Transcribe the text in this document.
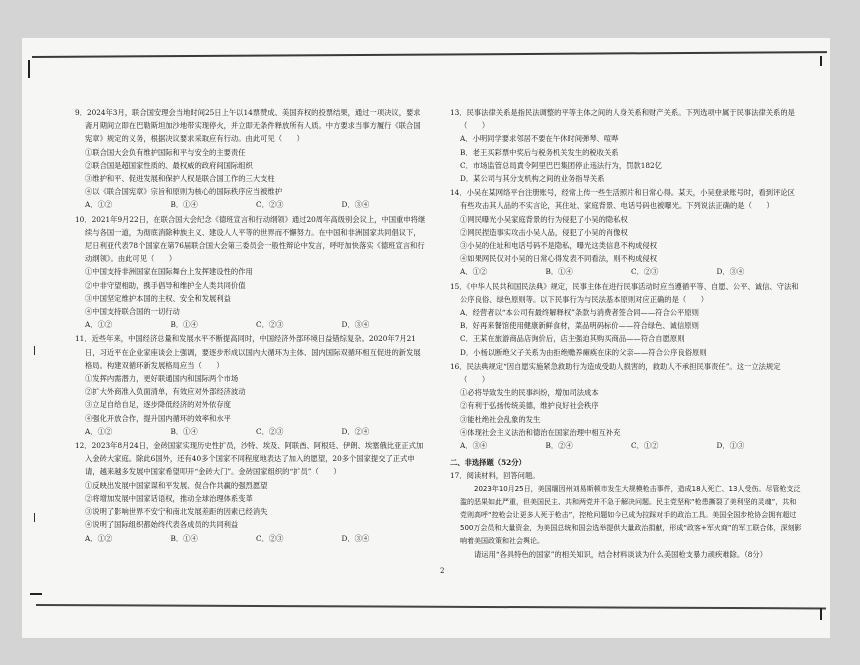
9．2024年3月，联合国安理会当地时间25日上午以14票赞成、美国弃权的投票结果，通过一项决议，要求斋月期间立即在巴勒斯坦加沙地带实现停火，并立即无条件释放所有人质。中方要求当事方履行《联合国宪章》规定的义务，根据决议要求采取应有行动。由此可见（　　）
①联合国大会负有维护国际和平与安全的主要责任
②联合国是超国家性质的、最权威的政府间国际组织
③维护和平、促进发展和保护人权是联合国工作的三大支柱
④以《联合国宪章》宗旨和原则为核心的国际秩序应当被维护
A．①②	B．①④	C．②③	D．③④
10．2021年9月22日，在联合国大会纪念《德班宣言和行动纲领》通过20周年高级别会议上，中国重申将继续与各国一道，为彻底消除种族主义、建设人人平等的世界而不懈努力。在中国和非洲国家共同倡议下，尼日利亚代表78个国家在第76届联合国大会第三委员会一般性辩论中发言，呼吁加快落实《德班宣言和行动纲领》。由此可见（　　）
①中国支持非洲国家在国际舞台上发挥建设性的作用
②中非守望相助，携手倡导和维护全人类共同价值
③中国坚定维护本国的主权、安全和发展利益
④中国支持联合国的一切行动
A．①②	B．①④	C．②③	D．③④
11．近些年来，中国经济总量和发展水平不断提高同时，中国经济外部环境日益错综复杂。2020年7月21日，习近平在企业家座谈会上强调，要逐步形成以国内大循环为主体、国内国际双循环相互促进的新发展格局。构建双循环新发展格局应当（　　）
①发挥内需潜力，更好联通国内和国际两个市场
②扩大外商准入负面清单，有效应对外部经济波动
③立足自给自足，逐步降低经济的对外依存度
④强化开放合作，提升国内循环的效率和水平
A．①②	B．①④	C．②③	D．②④
12．2023年8月24日，金砖国家实现历史性扩员，沙特、埃及、阿联酋、阿根廷、伊朗、埃塞俄比亚正式加入金砖大家庭。除此6国外，还有40多个国家不同程度地表达了加入的愿望，20多个国家提交了正式申请，越来越多发展中国家希望叩开“金砖大门”。金砖国家组织的“扩员”（　　）
①反映出发展中国家谋和平发展、促合作共赢的强烈愿望
②将增加发展中国家话语权，推动全球治理体系变革
③说明了影响世界不安宁和南北发展差距的因素已经消失
④说明了国际组织都始终代表各成员的共同利益
A．①②	B．①④	C．②③	D．③④
13．民事法律关系是指民法调整的平等主体之间的人身关系和财产关系。下列选项中属于民事法律关系的是（　　）
A．小明同学要求邻居不要在午休时间弹琴、喧哗
B．老王买彩票中奖后与税务机关发生的税收关系
C．市场监管总局責令阿里巴巴集团停止违法行为，罚款182亿
D．某公司与其分支机构之间的业务指导关系
14．小吴在某网络平台注册账号，经常上传一些生活照片和日常心得。某天，小吴登录账号时，看到评论区有些攻击其人品的不实言论，其住址、家庭背景、电话号码也被曝光。下列说法正确的是（　　）
①网民曝光小吴家庭背景的行为侵犯了小吴的隐私权
②网民捏造事实攻击小吴人品，侵犯了小吴的肖像权
③小吴的住址和电话号码不是隐私，曝光这类信息不构成侵权
④如果网民仅对小吴的日常心得发表不同看法，则不构成侵权
A．①②	B．①④	C．②③	D．③④
15．《中华人民共和国民法典》规定，民事主体在进行民事活动时应当遵循平等、自愿、公平、诚信、守法和公序良俗、绿色原则等。以下民事行为与民法基本原则对应正确的是（　　）
A．经营者以“本公司有最终解释权”条款与消费者签合同——符合公平原则
B．好再来餐馆使用健康新鲜食材，菜品明码标价——符合绿色、诚信原则
C．王某在旅游商品店询价后，店主强迫其购买商品——符合自愿原则
D．小杨以断绝父子关系为由拒绝赡养瘫痪在床的父亲——符合公序良俗原则
16．民法典规定“因自愿实施紧急救助行为造成受助人损害的，救助人不承担民事责任”。这一立法规定（　　）
①必将导致发生的民事纠纷，增加司法成本
②有利于弘扬传统美德，维护良好社会秩序
③能杜绝社会乱象的发生
④体现社会主义法治和德治在国家治理中相互补充
A．③④	B．②④	C．①②	D．①③
二、非选择题（52分）
17．阅读材料，回答问题。
2023年10月25日，美国缅因州刘易斯顿市发生大规模枪击事件，造成18人死亡、13人受伤。尽管枪支泛滥的恶果如此严重，但美国民主、共和两党并不急于解决问题。民主党坚称“枪患撕裂了美利坚的灵魂”，共和党则高呼“控枪会让更多人死于枪击”，控枪问题如今已成为拉踩对手的政治工具。美国全国步枪协会拥有超过500万会员和大量资金，为美国总统和国会选举提供大量政治捐献，形成“政客+军火商”的军工联合体，深刻影响着美国政策和社会舆论。
请运用“各具特色的国家”的相关知识，结合材料谈谈为什么美国枪支暴力顽疾难除。（8分）
2
